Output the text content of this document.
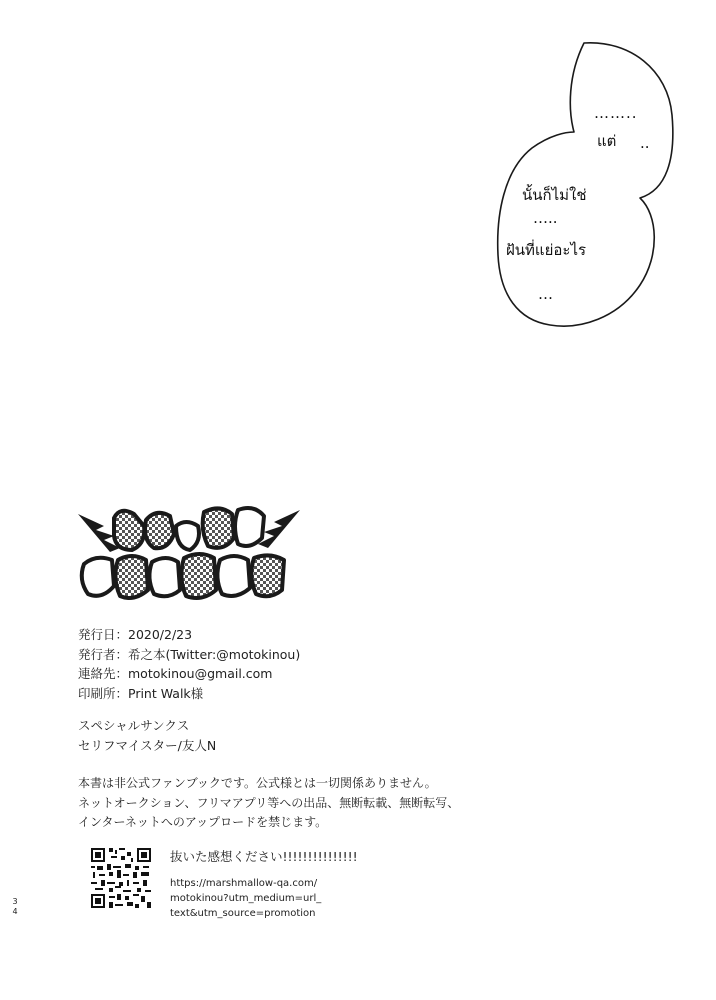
……..
แต่ ..
นั้นก็ไม่ใช่
…..
ฝันที่แย่อะไร
…
発行日：2020/2/23
発行者：希之本(Twitter:@motokinou)
連絡先：motokinou@gmail.com
印刷所：Print Walk様
スペシャルサンクス
セリフマイスター/友人N
本書は非公式ファンブックです。公式様とは一切関係ありません。
ネットオークション、フリマアプリ等への出品、無断転載、無断転写、
インターネットへのアップロードを禁じます。
抜いた感想ください!!!!!!!!!!!!!!!
https://marshmallow-qa.com/
motokinou?utm_medium=url_
text&utm_source=promotion
3
4
